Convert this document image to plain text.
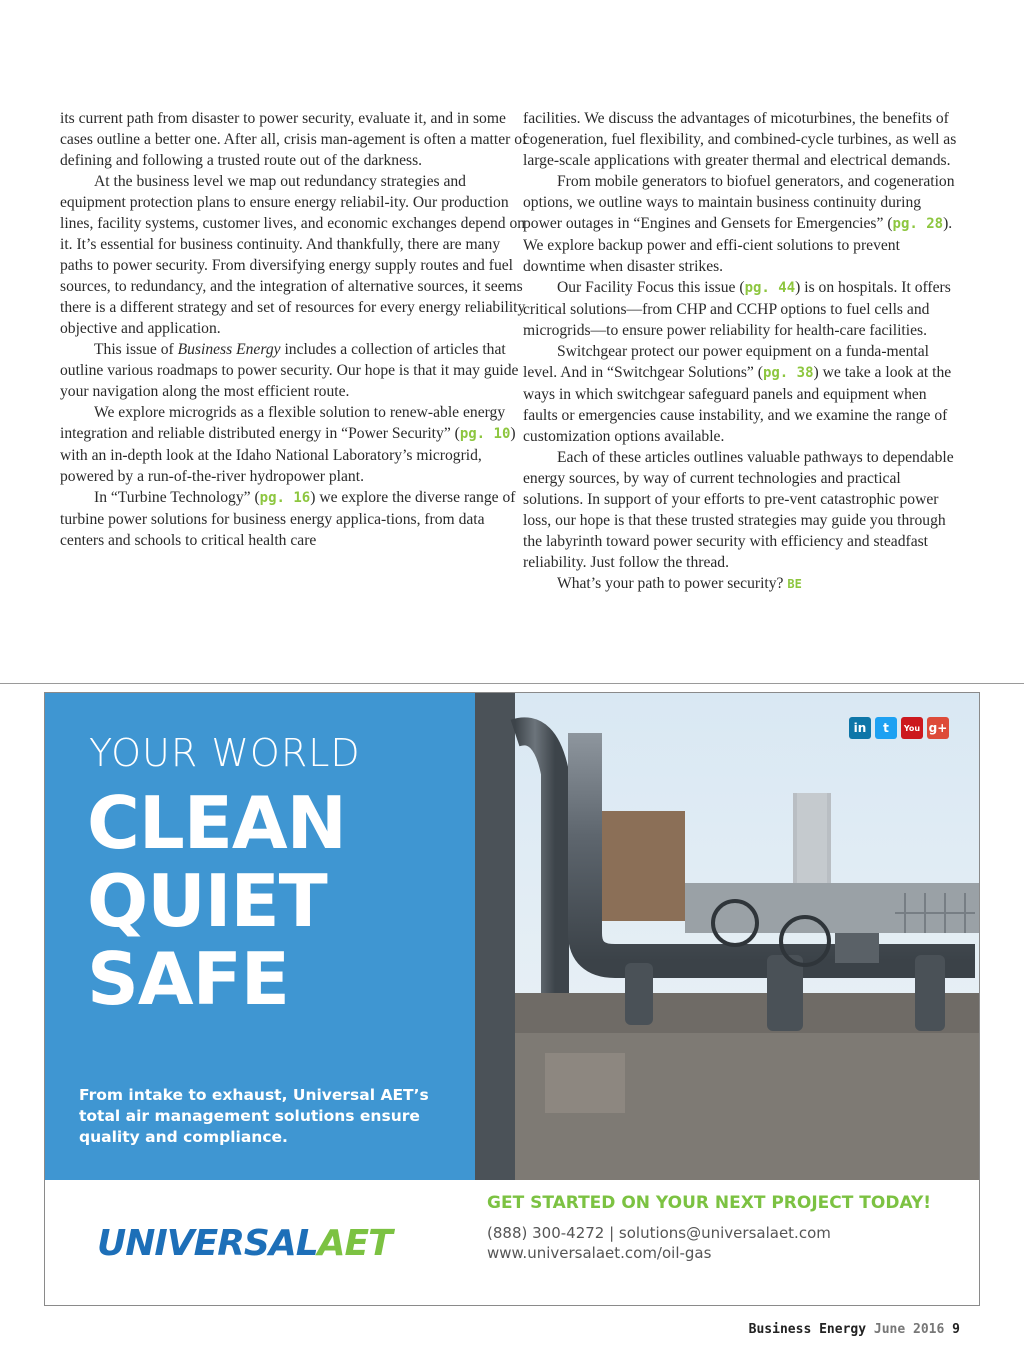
its current path from disaster to power security, evaluate it, and in some cases outline a better one. After all, crisis man-agement is often a matter of defining and following a trusted route out of the darkness.

At the business level we map out redundancy strategies and equipment protection plans to ensure energy reliabil-ity. Our production lines, facility systems, customer lives, and economic exchanges depend on it. It’s essential for business continuity. And thankfully, there are many paths to power security. From diversifying energy supply routes and fuel sources, to redundancy, and the integration of alternative sources, it seems there is a different strategy and set of resources for every energy reliability objective and application.

This issue of Business Energy includes a collection of articles that outline various roadmaps to power security. Our hope is that it may guide your navigation along the most efficient route.

We explore microgrids as a flexible solution to renew-able energy integration and reliable distributed energy in “Power Security” (pg. 10) with an in-depth look at the Idaho National Laboratory’s microgrid, powered by a run-of-the-river hydropower plant.

In “Turbine Technology” (pg. 16) we explore the diverse range of turbine power solutions for business energy applica-tions, from data centers and schools to critical health care

facilities. We discuss the advantages of micoturbines, the benefits of cogeneration, fuel flexibility, and combined-cycle turbines, as well as large-scale applications with greater thermal and electrical demands.

From mobile generators to biofuel generators, and cogeneration options, we outline ways to maintain business continuity during power outages in “Engines and Gensets for Emergencies” (pg. 28). We explore backup power and effi-cient solutions to prevent downtime when disaster strikes.

Our Facility Focus this issue (pg. 44) is on hospitals. It offers critical solutions—from CHP and CCHP options to fuel cells and microgrids—to ensure power reliability for health-care facilities.

Switchgear protect our power equipment on a funda-mental level. And in “Switchgear Solutions” (pg. 38) we take a look at the ways in which switchgear safeguard panels and equipment when faults or emergencies cause instability, and we examine the range of customization options available.

Each of these articles outlines valuable pathways to dependable energy sources, by way of current technologies and practical solutions. In support of your efforts to pre-vent catastrophic power loss, our hope is that these trusted strategies may guide you through the labyrinth toward power security with efficiency and steadfast reliability. Just follow the thread.

What’s your path to power security? BE

YOUR WORLD
CLEAN
QUIET
SAFE
From intake to exhaust, Universal AET’s total air management solutions ensure quality and compliance.
in	t	You g+
UNIVERSALAET
GET STARTED ON YOUR NEXT PROJECT TODAY!
(888) 300-4272 | solutions@universalaet.com
www.universalaet.com/oil-gas
Business Energy June 2016 9
